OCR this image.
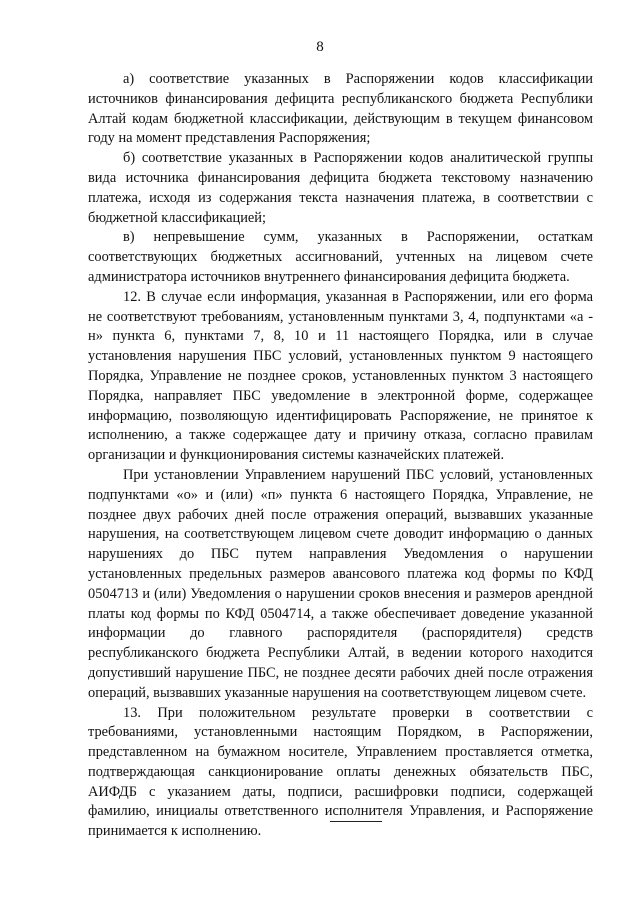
8

а) соответствие указанных в Распоряжении кодов классификации источников финансирования дефицита республиканского бюджета Республики Алтай кодам бюджетной классификации, действующим в текущем финансовом году на момент представления Распоряжения;

б) соответствие указанных в Распоряжении кодов аналитической группы вида источника финансирования дефицита бюджета текстовому назначению платежа, исходя из содержания текста назначения платежа, в соответствии с бюджетной классификацией;

в) непревышение сумм, указанных в Распоряжении, остаткам соответствующих бюджетных ассигнований, учтенных на лицевом счете администратора источников внутреннего финансирования дефицита бюджета.

12. В случае если информация, указанная в Распоряжении, или его форма не соответствуют требованиям, установленным пунктами 3, 4, подпунктами «а - н» пункта 6, пунктами 7, 8, 10 и 11 настоящего Порядка, или в случае установления нарушения ПБС условий, установленных пунктом 9 настоящего Порядка, Управление не позднее сроков, установленных пунктом 3 настоящего Порядка, направляет ПБС уведомление в электронной форме, содержащее информацию, позволяющую идентифицировать Распоряжение, не принятое к исполнению, а также содержащее дату и причину отказа, согласно правилам организации и функционирования системы казначейских платежей.

При установлении Управлением нарушений ПБС условий, установленных подпунктами «о» и (или) «п» пункта 6 настоящего Порядка, Управление, не позднее двух рабочих дней после отражения операций, вызвавших указанные нарушения, на соответствующем лицевом счете доводит информацию о данных нарушениях до ПБС путем направления Уведомления о нарушении установленных предельных размеров авансового платежа код формы по КФД 0504713 и (или) Уведомления о нарушении сроков внесения и размеров арендной платы код формы по КФД 0504714, а также обеспечивает доведение указанной информации до главного распорядителя (распорядителя) средств республиканского бюджета Республики Алтай, в ведении которого находится допустивший нарушение ПБС, не позднее десяти рабочих дней после отражения операций, вызвавших указанные нарушения на соответствующем лицевом счете.

13. При положительном результате проверки в соответствии с требованиями, установленными настоящим Порядком, в Распоряжении, представленном на бумажном носителе, Управлением проставляется отметка, подтверждающая санкционирование оплаты денежных обязательств ПБС, АИФДБ с указанием даты, подписи, расшифровки подписи, содержащей фамилию, инициалы ответственного исполнителя Управления, и Распоряжение принимается к исполнению.
